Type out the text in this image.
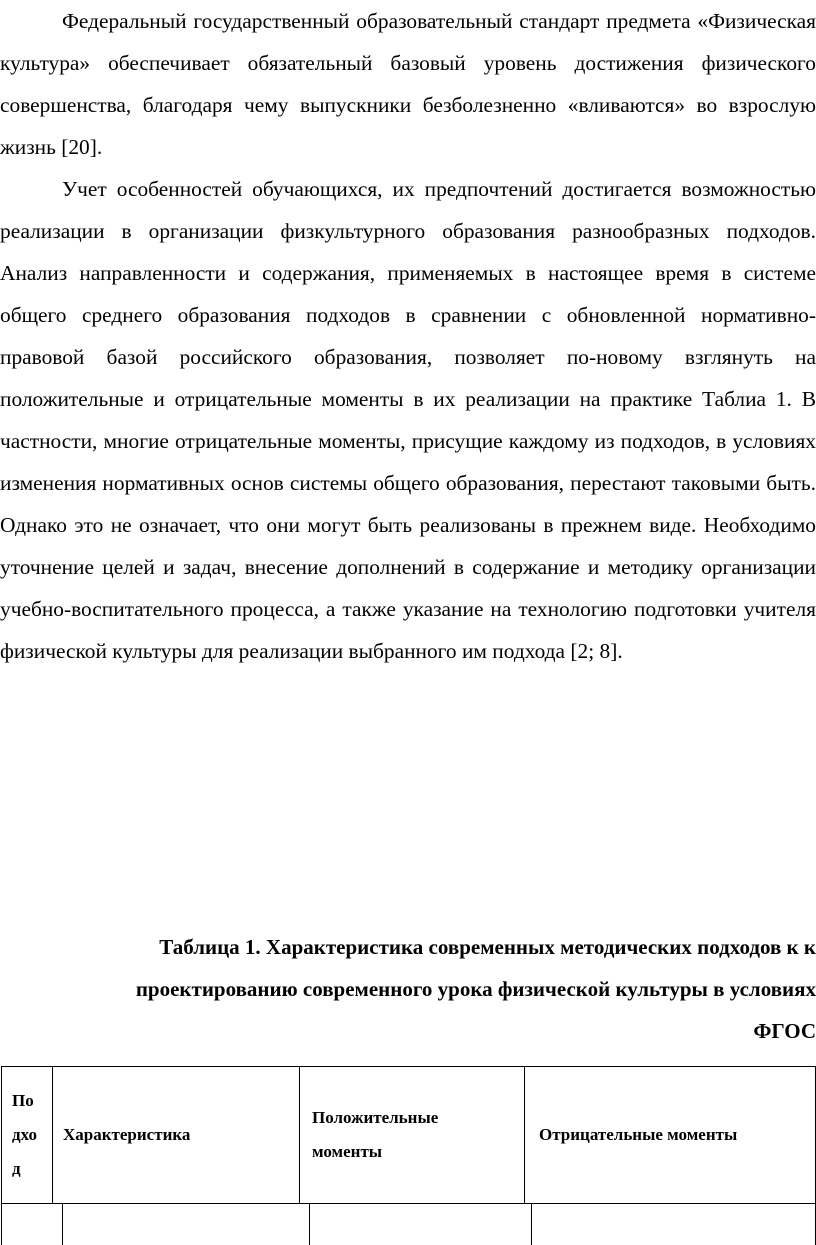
Федеральный государственный образовательный стандарт предмета «Физическая культура» обеспечивает обязательный базовый уровень достижения физического совершенства, благодаря чему выпускники безболезненно «вливаются» во взрослую жизнь [20].

Учет особенностей обучающихся, их предпочтений достигается возможностью реализации в организации физкультурного образования разнообразных подходов. Анализ направленности и содержания, применяемых в настоящее время в системе общего среднего образования подходов в сравнении с обновленной нормативно-правовой базой российского образования, позволяет по-новому взглянуть на положительные и отрицательные моменты в их реализации на практике Таблиа 1. В частности, многие отрицательные моменты, присущие каждому из подходов, в условиях изменения нормативных основ системы общего образования, перестают таковыми быть. Однако это не означает, что они могут быть реализованы в прежнем виде. Необходимо уточнение целей и задач, внесение дополнений в содержание и методику организации учебно-воспитательного процесса, а также указание на технологию подготовки учителя физической культуры для реализации выбранного им подхода [2; 8].

Таблица 1. Характеристика современных методических подходов к к
проектированию современного урока физической культуры в условиях
ФГОС
По
дхо
д	Характеристика	Положительные
моменты	Отрицательные моменты
